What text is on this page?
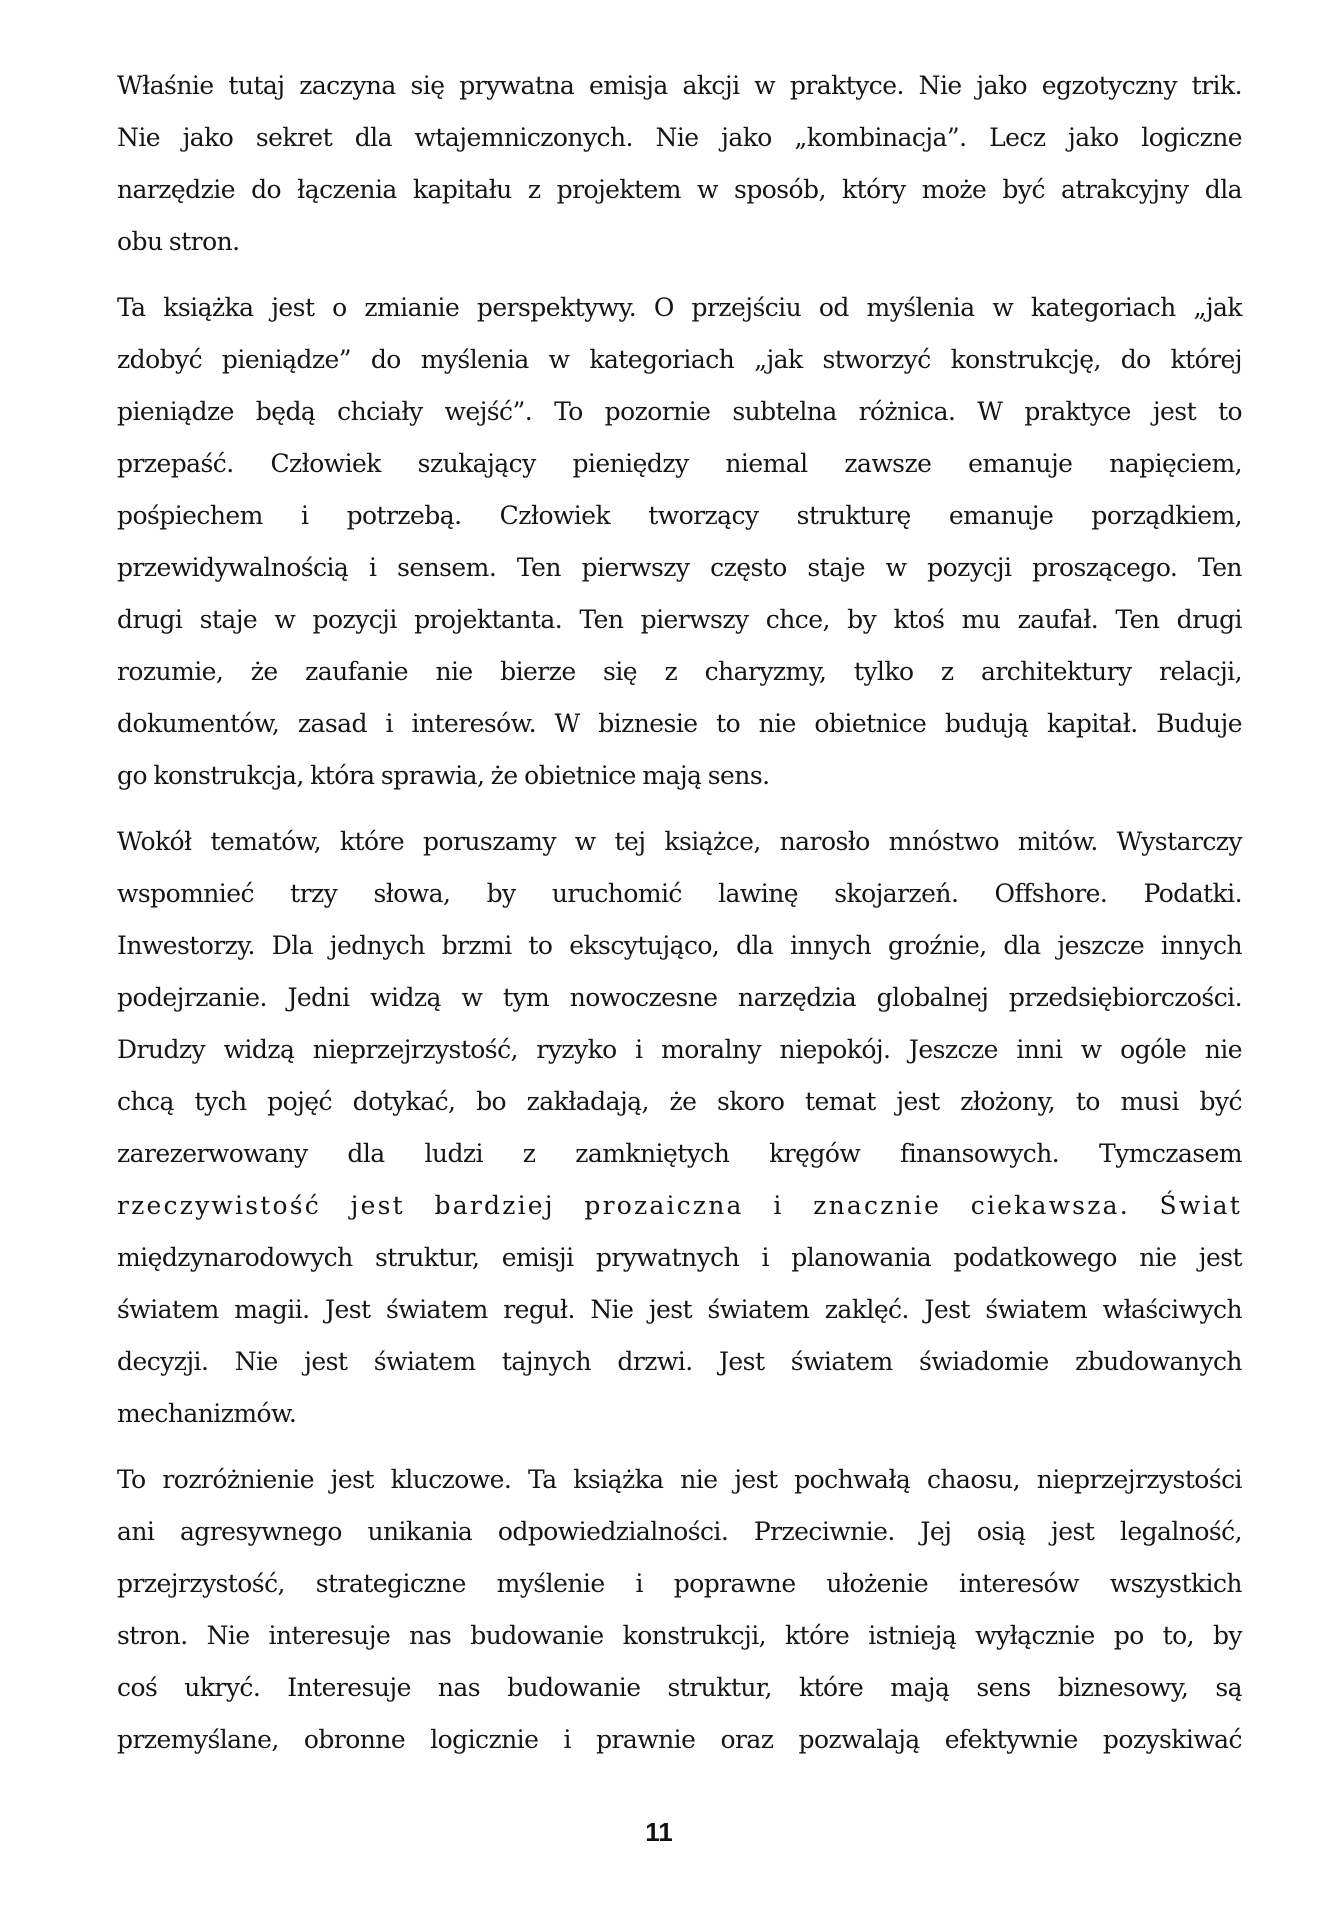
Właśnie tutaj zaczyna się prywatna emisja akcji w praktyce. Nie jako egzotyczny trik.
Nie jako sekret dla wtajemniczonych. Nie jako „kombinacja”. Lecz jako logiczne
narzędzie do łączenia kapitału z projektem w sposób, który może być atrakcyjny dla
obu stron.

Ta książka jest o zmianie perspektywy. O przejściu od myślenia w kategoriach „jak
zdobyć pieniądze” do myślenia w kategoriach „jak stworzyć konstrukcję, do której
pieniądze będą chciały wejść”. To pozornie subtelna różnica. W praktyce jest to
przepaść. Człowiek szukający pieniędzy niemal zawsze emanuje napięciem,
pośpiechem i potrzebą. Człowiek tworzący strukturę emanuje porządkiem,
przewidywalnością i sensem. Ten pierwszy często staje w pozycji proszącego. Ten
drugi staje w pozycji projektanta. Ten pierwszy chce, by ktoś mu zaufał. Ten drugi
rozumie, że zaufanie nie bierze się z charyzmy, tylko z architektury relacji,
dokumentów, zasad i interesów. W biznesie to nie obietnice budują kapitał. Buduje
go konstrukcja, która sprawia, że obietnice mają sens.

Wokół tematów, które poruszamy w tej książce, narosło mnóstwo mitów. Wystarczy
wspomnieć trzy słowa, by uruchomić lawinę skojarzeń. Offshore. Podatki.
Inwestorzy. Dla jednych brzmi to ekscytująco, dla innych groźnie, dla jeszcze innych
podejrzanie. Jedni widzą w tym nowoczesne narzędzia globalnej przedsiębiorczości.
Drudzy widzą nieprzejrzystość, ryzyko i moralny niepokój. Jeszcze inni w ogóle nie
chcą tych pojęć dotykać, bo zakładają, że skoro temat jest złożony, to musi być
zarezerwowany dla ludzi z zamkniętych kręgów finansowych. Tymczasem
rzeczywistość jest bardziej prozaiczna i znacznie ciekawsza. Świat
międzynarodowych struktur, emisji prywatnych i planowania podatkowego nie jest
światem magii. Jest światem reguł. Nie jest światem zaklęć. Jest światem właściwych
decyzji. Nie jest światem tajnych drzwi. Jest światem świadomie zbudowanych
mechanizmów.

To rozróżnienie jest kluczowe. Ta książka nie jest pochwałą chaosu, nieprzejrzystości
ani agresywnego unikania odpowiedzialności. Przeciwnie. Jej osią jest legalność,
przejrzystość, strategiczne myślenie i poprawne ułożenie interesów wszystkich
stron. Nie interesuje nas budowanie konstrukcji, które istnieją wyłącznie po to, by
coś ukryć. Interesuje nas budowanie struktur, które mają sens biznesowy, są
przemyślane, obronne logicznie i prawnie oraz pozwalają efektywnie pozyskiwać

11
